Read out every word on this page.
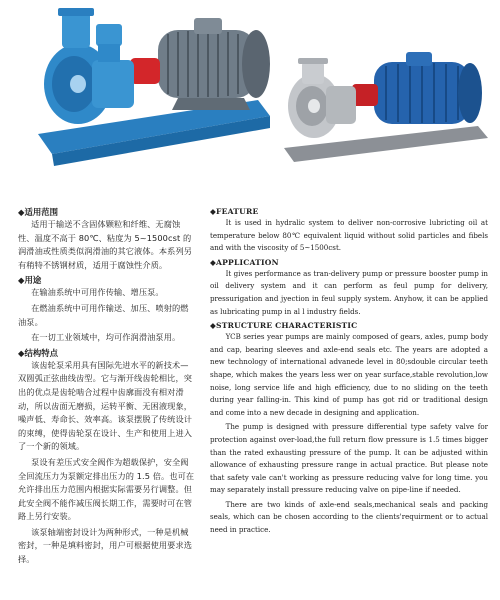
◆适用范围

适用于输送不含固体颗粒和纤维、无腐蚀性、温度不高于 80℃、粘度为 5~1500cst 的润滑油或性质类似润滑油的其它液体。本系列另有稍特不锈钢材质，适用于腐蚀性介质。

◆用途

在输油系统中可用作传输、增压泵。

在燃油系统中可用作输送、加压、喷射的燃油泵。

在一切工业领域中，均可作润滑油泵用。

◆结构特点

该齿轮泵采用具有国际先进水平的新技术—双圆弧正弦曲线齿型。它与渐开线齿轮相比，突出的优点是齿轮啮合过程中齿廓面没有相对滑动，所以齿面无磨损，运转平衡、无困液现象，噪声低、寿命长、效率高。该泵摆脱了传统设计的束缚，使得齿轮泵在设计、生产和使用上进入了一个新的领域。

泵设有差压式安全阀作为超载保护，安全阀全回流压力为泵额定排出压力的 1.5 倍。也可在允许排出压力范围内根据实际需要另行调整。但此安全阀不能作减压阀长期工作，需要时可在管路上另行安装。

该泵轴端密封设计为两种形式，一种是机械密封，一种是填料密封，用户可根据使用要求选择。

◆FEATURE

It is used in hydralic system to deliver non-corrosive lubricting oil at temperature below 80℃ equivalent liquid without solid particles and fibels and with the viscosity of 5~1500cst.

◆APPLICATION

It gives performance as tran-delivery pump or pressure booster pump in oil delivery system and it can perform as feul pump for delivery, pressurigation and jyection in feul supply system. Anyhow, it can be applied as lubricating pump in al l industry fields.

◆STRUCTURE CHARACTERISTIC

YCB series year pumps are mainly composed of gears, axles, pump body and cap, bearing sleeves and axle-end seals etc. The years are adopted a new technology of international advanede level in 80;sdouble circular teeth shape, which makes the years less wer on year surface,stable revolution,low noise, long service life and high efficiency, due to no sliding on the teeth during year falling-in. This kind of pump has got rid or traditional design and come into a new decade in designing and application.

The pump is designed with pressure differential type safety valve for protection against over-load,the full return flow pressure is 1.5 times bigger than the rated exhausting pressure of the pump. It can be adjusted within allowance of exhausting pressure range in actual practice. But please note that safety vale can't working as pressure reducing valve for long time. you may separately install pressure reducing valve on pipe-line if needed.

There are two kinds of axle-end seals,mechanical seals and packing seals, which can be chosen according to the clients'requirment or to actual need in practice.
